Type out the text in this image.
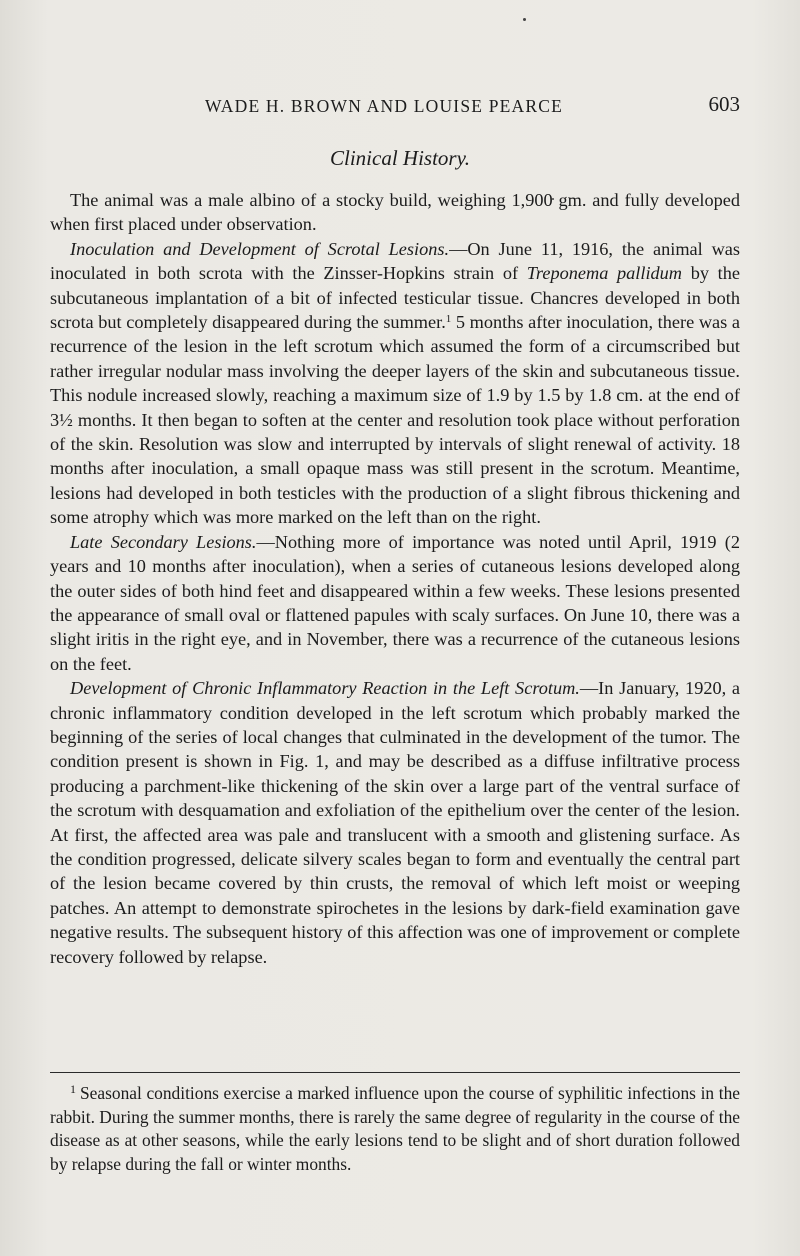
WADE H. BROWN AND LOUISE PEARCE	603
Clinical History.

The animal was a male albino of a stocky build, weighing 1,900 gm. and fully developed when first placed under observation.

Inoculation and Development of Scrotal Lesions.—On June 11, 1916, the animal was inoculated in both scrota with the Zinsser-Hopkins strain of Treponema pallidum by the subcutaneous implantation of a bit of infected testicular tissue. Chancres developed in both scrota but completely disappeared during the summer.$^1$ 5 months after inoculation, there was a recurrence of the lesion in the left scrotum which assumed the form of a circumscribed but rather irregular nodular mass involving the deeper layers of the skin and subcutaneous tissue. This nodule increased slowly, reaching a maximum size of 1.9 by 1.5 by 1.8 cm. at the end of 3½ months. It then began to soften at the center and resolution took place without perforation of the skin. Resolution was slow and interrupted by intervals of slight renewal of activity. 18 months after inoculation, a small opaque mass was still present in the scrotum. Meantime, lesions had developed in both testicles with the production of a slight fibrous thickening and some atrophy which was more marked on the left than on the right.

Late Secondary Lesions.—Nothing more of importance was noted until April, 1919 (2 years and 10 months after inoculation), when a series of cutaneous lesions developed along the outer sides of both hind feet and disappeared within a few weeks. These lesions presented the appearance of small oval or flattened papules with scaly surfaces. On June 10, there was a slight iritis in the right eye, and in November, there was a recurrence of the cutaneous lesions on the feet.

Development of Chronic Inflammatory Reaction in the Left Scrotum.—In January, 1920, a chronic inflammatory condition developed in the left scrotum which probably marked the beginning of the series of local changes that culminated in the development of the tumor. The condition present is shown in Fig. 1, and may be described as a diffuse infiltrative process producing a parchment-like thickening of the skin over a large part of the ventral surface of the scrotum with desquamation and exfoliation of the epithelium over the center of the lesion. At first, the affected area was pale and translucent with a smooth and glistening surface. As the condition progressed, delicate silvery scales began to form and eventually the central part of the lesion became covered by thin crusts, the removal of which left moist or weeping patches. An attempt to demonstrate spirochetes in the lesions by dark-field examination gave negative results. The subsequent history of this affection was one of improvement or complete recovery followed by relapse.

$^1$ Seasonal conditions exercise a marked influence upon the course of syphilitic infections in the rabbit. During the summer months, there is rarely the same degree of regularity in the course of the disease as at other seasons, while the early lesions tend to be slight and of short duration followed by relapse during the fall or winter months.
